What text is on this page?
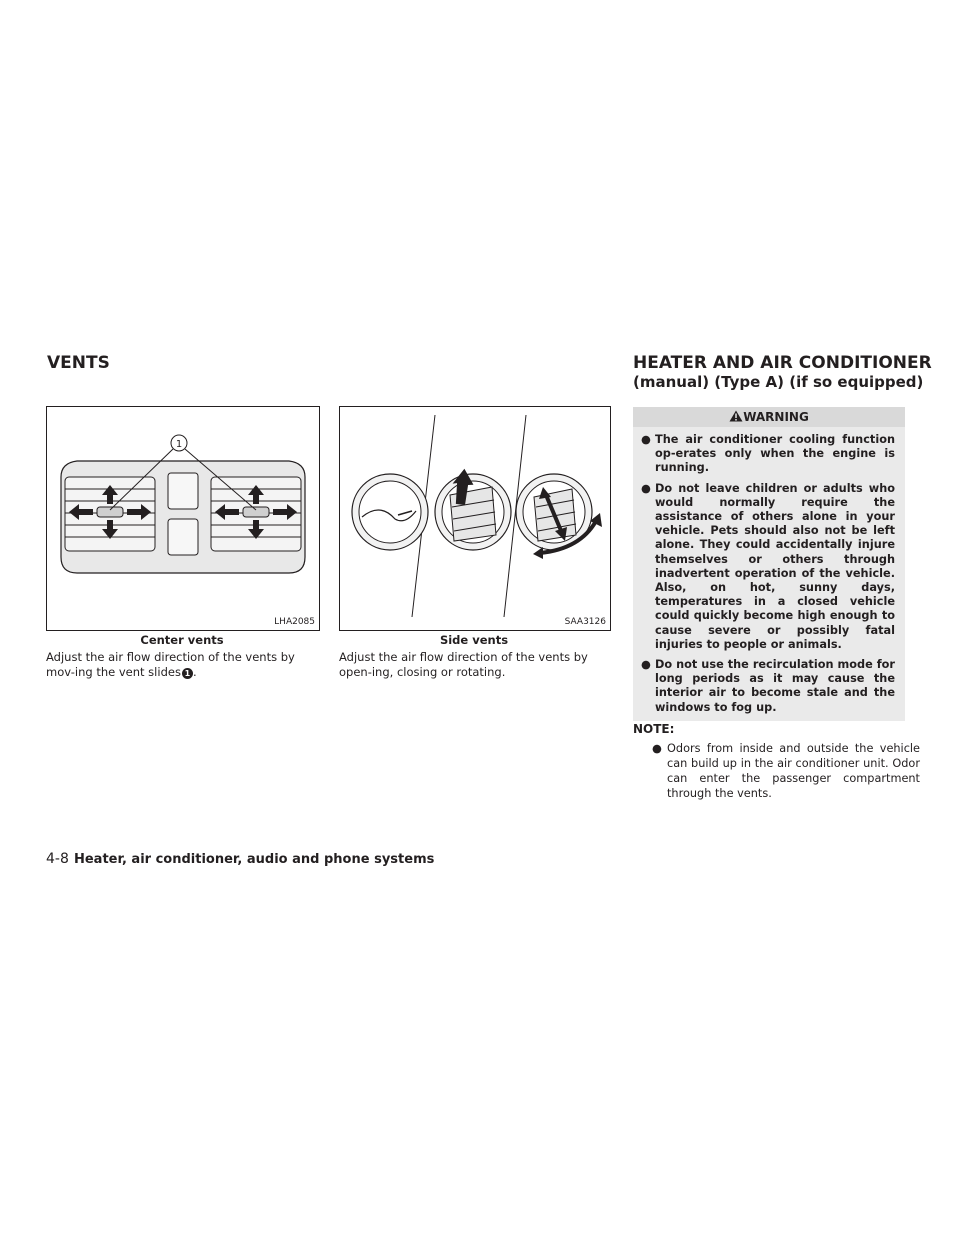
VENTS	HEATER AND AIR CONDITIONER
(manual) (Type A) (if so equipped)
1
LHA2085
Center vents
Adjust the air flow direction of the vents by mov-ing the vent slides 1 .
SAA3126
Side vents
Adjust the air flow direction of the vents by open-ing, closing or rotating.
WARNING
● The air conditioner cooling function op-erates only when the engine is running.
● Do not leave children or adults who would normally require the assistance of others alone in your vehicle. Pets should also not be left alone. They could accidentally injure themselves or others through inadvertent operation of the vehicle. Also, on hot, sunny days, temperatures in a closed vehicle could quickly become high enough to cause severe or possibly fatal injuries to people or animals.
● Do not use the recirculation mode for long periods as it may cause the interior air to become stale and the windows to fog up.
NOTE:
● Odors from inside and outside the vehicle can build up in the air conditioner unit. Odor can enter the passenger compartment through the vents.
4-8 Heater, air conditioner, audio and phone systems
